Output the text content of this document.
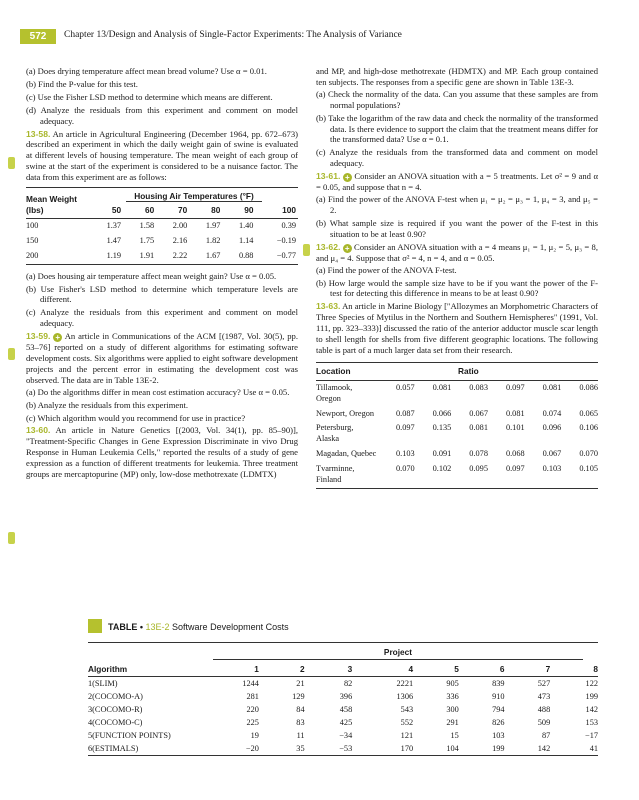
572	Chapter 13/Design and Analysis of Single-Factor Experiments: The Analysis of Variance

(a) Does drying temperature affect mean bread volume? Use α = 0.01.

(b) Find the P-value for this test.

(c) Use the Fisher LSD method to determine which means are different.

(d) Analyze the residuals from this experiment and comment on model adequacy.

13-58. An article in Agricultural Engineering (December 1964, pp. 672–673) described an experiment in which the daily weight gain of swine is evaluated at different levels of housing temperature. The mean weight of each group of swine at the start of the experiment is considered to be a nuisance factor. The data from this experiment are as follows:

Mean Weight (lbs)	Housing Air Temperatures (°F)					
	50	60	70	80	90	100
100	1.37	1.58	2.00	1.97	1.40	0.39
150	1.47	1.75	2.16	1.82	1.14	−0.19
200	1.19	1.91	2.22	1.67	0.88	−0.77

(a) Does housing air temperature affect mean weight gain? Use α = 0.05.

(b) Use Fisher's LSD method to determine which temperature levels are different.

(c) Analyze the residuals from this experiment and comment on model adequacy.

13-59. + An article in Communications of the ACM [(1987, Vol. 30(5), pp. 53–76] reported on a study of different algorithms for estimating software development costs. Six algorithms were applied to eight software development projects and the percent error in estimating the development cost was observed. The data are in Table 13E-2.

(a) Do the algorithms differ in mean cost estimation accuracy? Use α = 0.05.

(b) Analyze the residuals from this experiment.

(c) Which algorithm would you recommend for use in practice?

13-60. An article in Nature Genetics [(2003, Vol. 34(1), pp. 85–90)], "Treatment-Specific Changes in Gene Expression Discriminate in vivo Drug Response in Human Leukemia Cells," reported the results of a study of gene expression as a function of different treatments for leukemia. Three treatment groups are mercaptopurine (MP) only, low-dose methotrexate (LDMTX)

and MP, and high-dose methotrexate (HDMTX) and MP. Each group contained ten subjects. The responses from a specific gene are shown in Table 13E-3.

(a) Check the normality of the data. Can you assume that these samples are from normal populations?

(b) Take the logarithm of the raw data and check the normality of the transformed data. Is there evidence to support the claim that the treatment means differ for the transformed data? Use α = 0.1.

(c) Analyze the residuals from the transformed data and comment on model adequacy.

13-61. + Consider an ANOVA situation with a = 5 treatments. Let σ² = 9 and α = 0.05, and suppose that n = 4.

(a) Find the power of the ANOVA F-test when μ₁ = μ₂ = μ₃ = 1, μ₄ = 3, and μ₅ = 2.

(b) What sample size is required if you want the power of the F-test in this situation to be at least 0.90?

13-62. + Consider an ANOVA situation with a = 4 means μ₁ = 1, μ₂ = 5, μ₃ = 8, and μ₄ = 4. Suppose that σ² = 4, n = 4, and α = 0.05.

(a) Find the power of the ANOVA F-test.

(b) How large would the sample size have to be if you want the power of the F-test for detecting this difference in means to be at least 0.90?

13-63. An article in Marine Biology ["Allozymes an Morphometric Characters of Three Species of Mytilus in the Northern and Southern Hemispheres" (1991, Vol. 111, pp. 323–333)] discussed the ratio of the anterior adductor muscle scar length to shell length for shells from five different geographic locations. The following table is part of a much larger data set from their research.

Location	Ratio					
Tillamook, Oregon	0.057	0.081	0.083	0.097	0.081	0.086
Newport, Oregon	0.087	0.066	0.067	0.081	0.074	0.065
Petersburg, Alaska	0.097	0.135	0.081	0.101	0.096	0.106
Magadan, Quebec	0.103	0.091	0.078	0.068	0.067	0.070
Tvarminne, Finland	0.070	0.102	0.095	0.097	0.103	0.105
TABLE • 13E-2 Software Development Costs
	Project							
Algorithm	1	2	3	4	5	6	7	8
1(SLIM)	1244	21	82	2221	905	839	527	122
2(COCOMO-A)	281	129	396	1306	336	910	473	199
3(COCOMO-R)	220	84	458	543	300	794	488	142
4(COCOMO-C)	225	83	425	552	291	826	509	153
5(FUNCTION POINTS)	19	11	−34	121	15	103	87	−17
6(ESTIMALS)	−20	35	−53	170	104	199	142	41
